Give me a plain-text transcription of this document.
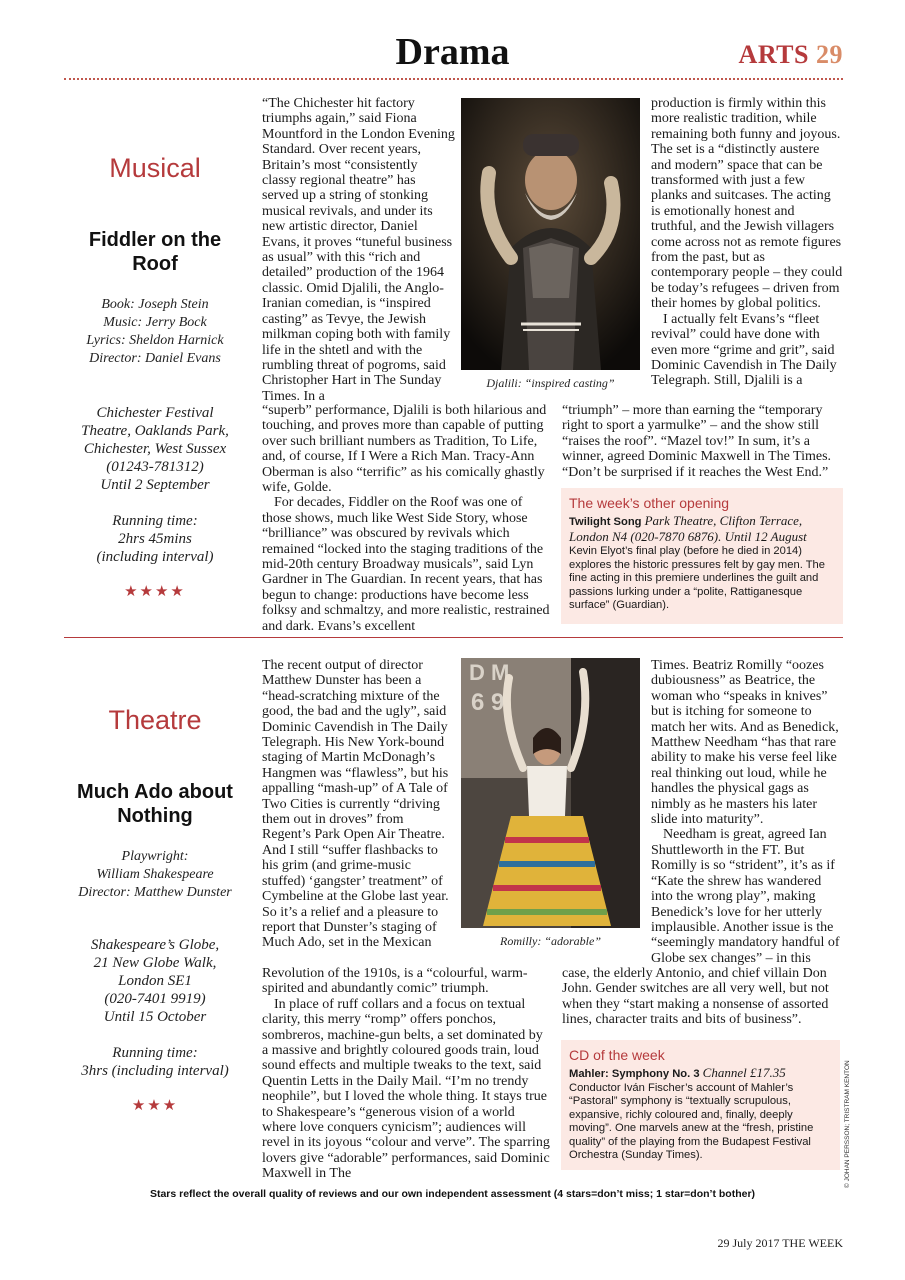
Drama	ARTS 29
Musical
Fiddler on the Roof
Book: Joseph Stein
Music: Jerry Bock
Lyrics: Sheldon Harnick
Director: Daniel Evans
Chichester Festival
Theatre, Oaklands Park,
Chichester, West Sussex
(01243-781312)
Until 2 September
Running time:
2hrs 45mins
(including interval)
★★★★

“The Chichester hit factory triumphs again,” said Fiona Mountford in the London Evening Standard. Over recent years, Britain’s most “consistently classy regional theatre” has served up a string of stonking musical revivals, and under its new artistic director, Daniel Evans, it proves “tuneful business as usual” with this “rich and detailed” production of the 1964 classic. Omid Djalili, the Anglo-Iranian comedian, is “inspired casting” as Tevye, the Jewish milkman coping both with family life in the shtetl and with the rumbling threat of pogroms, said Christopher Hart in The Sunday Times. In a

Djalili: “inspired casting”

production is firmly within this more realistic tradition, while remaining both funny and joyous. The set is a “distinctly austere and modern” space that can be transformed with just a few planks and suitcases. The acting is emotionally honest and truthful, and the Jewish villagers come across not as remote figures from the past, but as contemporary people – they could be today’s refugees – driven from their homes by global politics.

I actually felt Evans’s “fleet revival” could have done with even more “grime and grit”, said Dominic Cavendish in The Daily Telegraph. Still, Djalili is a

“superb” performance, Djalili is both hilarious and touching, and proves more than capable of putting over such brilliant numbers as Tradition, To Life, and, of course, If I Were a Rich Man. Tracy-Ann Oberman is also “terrific” as his comically ghastly wife, Golde.

For decades, Fiddler on the Roof was one of those shows, much like West Side Story, whose “brilliance” was obscured by revivals which remained “locked into the staging traditions of the mid-20th century Broadway musicals”, said Lyn Gardner in The Guardian. In recent years, that has begun to change: productions have become less folksy and schmaltzy, and more realistic, restrained and dark. Evans’s excellent

“triumph” – more than earning the “temporary right to sport a yarmulke” – and the show still “raises the roof”. “Mazel tov!” In sum, it’s a winner, agreed Dominic Maxwell in The Times. “Don’t be surprised if it reaches the West End.”

The week’s other opening
Twilight Song Park Theatre, Clifton Terrace, London N4 (020-7870 6876). Until 12 August
Kevin Elyot’s final play (before he died in 2014) explores the historic pressures felt by gay men. The fine acting in this premiere underlines the guilt and passions lurking under a “polite, Rattiganesque surface” (Guardian).
Theatre
Much Ado about Nothing
Playwright:
William Shakespeare
Director: Matthew Dunster
Shakespeare’s Globe,
21 New Globe Walk,
London SE1
(020-7401 9919)
Until 15 October
Running time:
3hrs (including interval)
★★★

The recent output of director Matthew Dunster has been a “head-scratching mixture of the good, the bad and the ugly”, said Dominic Cavendish in The Daily Telegraph. His New York-bound staging of Martin McDonagh’s Hangmen was “flawless”, but his appalling “mash-up” of A Tale of Two Cities is currently “driving them out in droves” from Regent’s Park Open Air Theatre. And I still “suffer flashbacks to his grim (and grime-music stuffed) ‘gangster’ treatment” of Cymbeline at the Globe last year. So it’s a relief and a pleasure to report that Dunster’s staging of Much Ado, set in the Mexican

D M
6 9
Romilly: “adorable”

Times. Beatriz Romilly “oozes dubiousness” as Beatrice, the woman who “speaks in knives” but is itching for someone to match her wits. And as Benedick, Matthew Needham “has that rare ability to make his verse feel like real thinking out loud, while he handles the physical gags as nimbly as he masters his later slide into maturity”.

Needham is great, agreed Ian Shuttleworth in the FT. But Romilly is so “strident”, it’s as if “Kate the shrew has wandered into the wrong play”, making Benedick’s love for her utterly implausible. Another issue is the “seemingly mandatory handful of Globe sex changes” – in this

Revolution of the 1910s, is a “colourful, warm-spirited and abundantly comic” triumph.

In place of ruff collars and a focus on textual clarity, this merry “romp” offers ponchos, sombreros, machine-gun belts, a set dominated by a massive and brightly coloured goods train, loud sound effects and multiple tweaks to the text, said Quentin Letts in the Daily Mail. “I’m no trendy neophile”, but I loved the whole thing. It stays true to Shakespeare’s “generous vision of a world where love conquers cynicism”; audiences will revel in its joyous “colour and verve”. The sparring lovers give “adorable” performances, said Dominic Maxwell in The

case, the elderly Antonio, and chief villain Don John. Gender switches are all very well, but not when they “start making a nonsense of assorted lines, character traits and bits of business”.

CD of the week
Mahler: Symphony No. 3 Channel £17.35
Conductor Iván Fischer’s account of Mahler’s “Pastoral” symphony is “textually scrupulous, expansive, richly coloured and, finally, deeply moving”. One marvels anew at the “fresh, pristine quality” of the playing from the Budapest Festival Orchestra (Sunday Times).	© JOHAN PERSSON; TRISTRAM KENTON
Stars reflect the overall quality of reviews and our own independent assessment (4 stars=don’t miss; 1 star=don’t bother)
29 July 2017 THE WEEK
